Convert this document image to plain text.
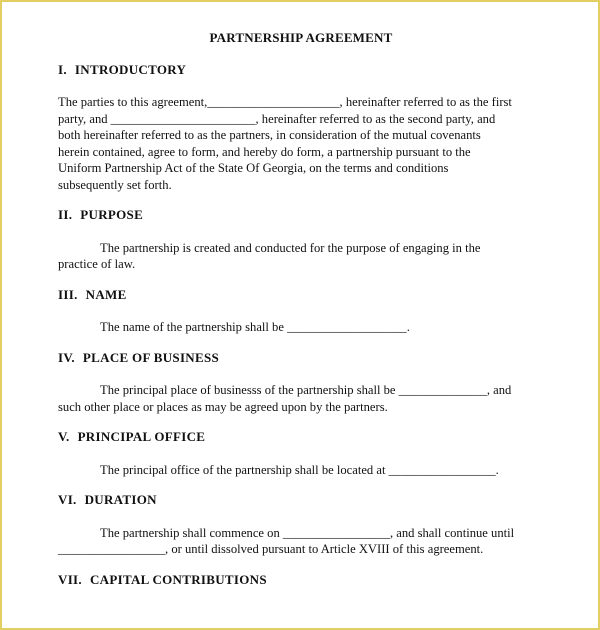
PARTNERSHIP AGREEMENT
I. INTRODUCTORY
The parties to this agreement,_____________________, hereinafter referred to as the first
party, and _______________________, hereinafter referred to as the second party, and
both hereinafter referred to as the partners, in consideration of the mutual covenants
herein contained, agree to form, and hereby do form, a partnership pursuant to the
Uniform Partnership Act of the State Of Georgia, on the terms and conditions
subsequently set forth.
II. PURPOSE
The partnership is created and conducted for the purpose of engaging in the
practice of law.
III. NAME
The name of the partnership shall be ___________________.
IV. PLACE OF BUSINESS
The principal place of businesss of the partnership shall be ______________, and
such other place or places as may be agreed upon by the partners.
V. PRINCIPAL OFFICE
The principal office of the partnership shall be located at _________________.
VI. DURATION
The partnership shall commence on _________________, and shall continue until
_________________, or until dissolved pursuant to Article XVIII of this agreement.
VII. CAPITAL CONTRIBUTIONS
